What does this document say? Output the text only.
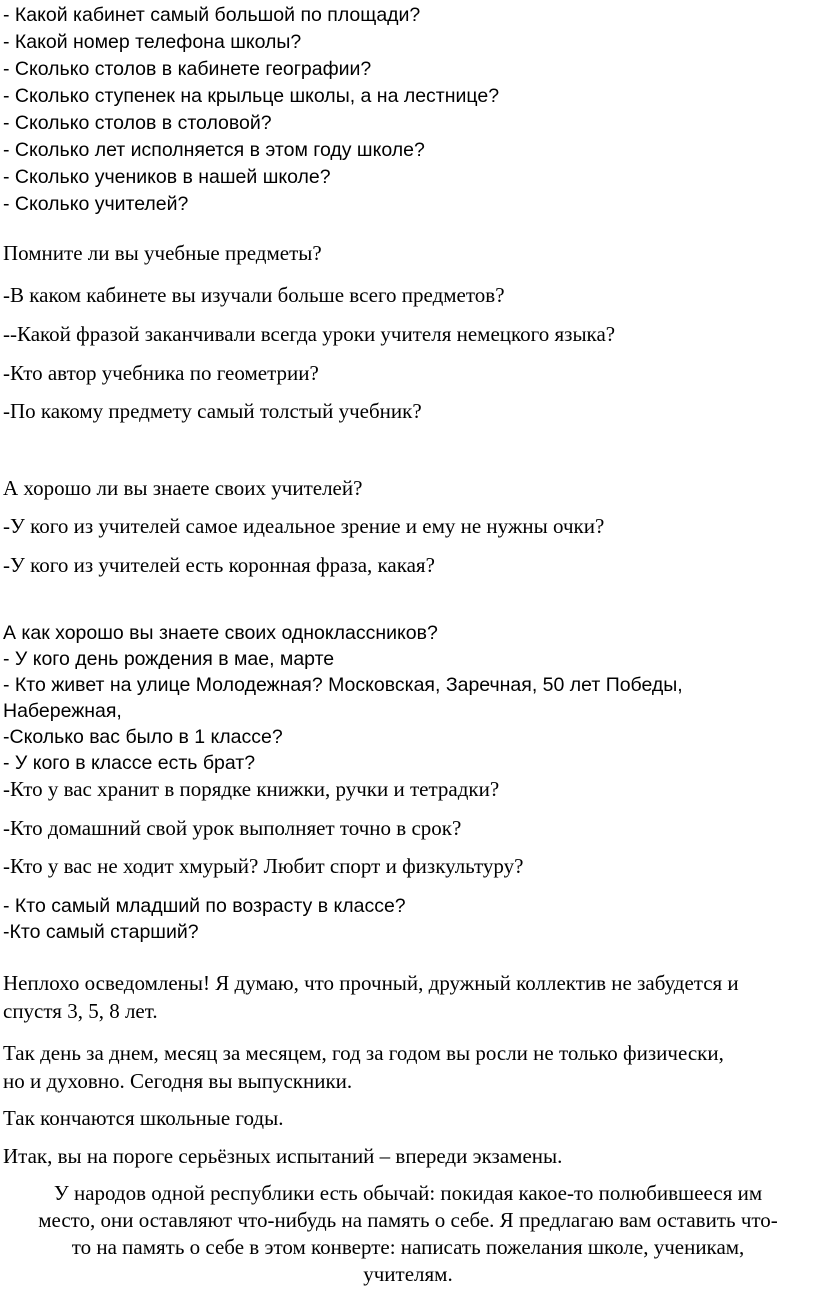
- Какой кабинет самый большой по площади?
- Какой номер телефона школы?
- Сколько столов в кабинете географии?
- Сколько ступенек на крыльце школы, а на лестнице?
- Сколько столов в столовой?
- Сколько лет исполняется в этом году школе?
- Сколько учеников в нашей школе?
- Сколько учителей?
Помните ли вы учебные предметы?
-В каком кабинете вы изучали больше всего предметов?
--Какой фразой заканчивали всегда уроки учителя немецкого языка?
-Кто автор учебника по геометрии?
-По какому предмету самый толстый учебник?
А хорошо ли вы знаете своих учителей?
-У кого из учителей самое идеальное зрение и ему не нужны очки?
-У кого из учителей есть коронная фраза, какая?
А как хорошо вы знаете своих одноклассников?
- У кого день рождения в мае, марте
- Кто живет на улице Молодежная? Московская, Заречная, 50 лет Победы,
Набережная,
-Сколько вас было в 1 классе?
- У кого в классе есть брат?
-Кто у вас хранит в порядке книжки, ручки и тетрадки?
-Кто домашний свой урок выполняет точно в срок?
-Кто у вас не ходит хмурый? Любит спорт и физкультуру?
- Кто самый младший по возрасту в классе?
-Кто самый старший?
Неплохо осведомлены! Я думаю, что прочный, дружный коллектив не забудется и
спустя 3, 5, 8 лет.
Так день за днем, месяц за месяцем, год за годом вы росли не только физически,
но и духовно. Сегодня вы выпускники.
Так кончаются школьные годы.
Итак, вы на пороге серьёзных испытаний – впереди экзамены.
У народов одной республики есть обычай: покидая какое-то полюбившееся им
место, они оставляют что-нибудь на память о себе. Я предлагаю вам оставить что-
то на память о себе в этом конверте: написать пожелания школе, ученикам,
учителям.
